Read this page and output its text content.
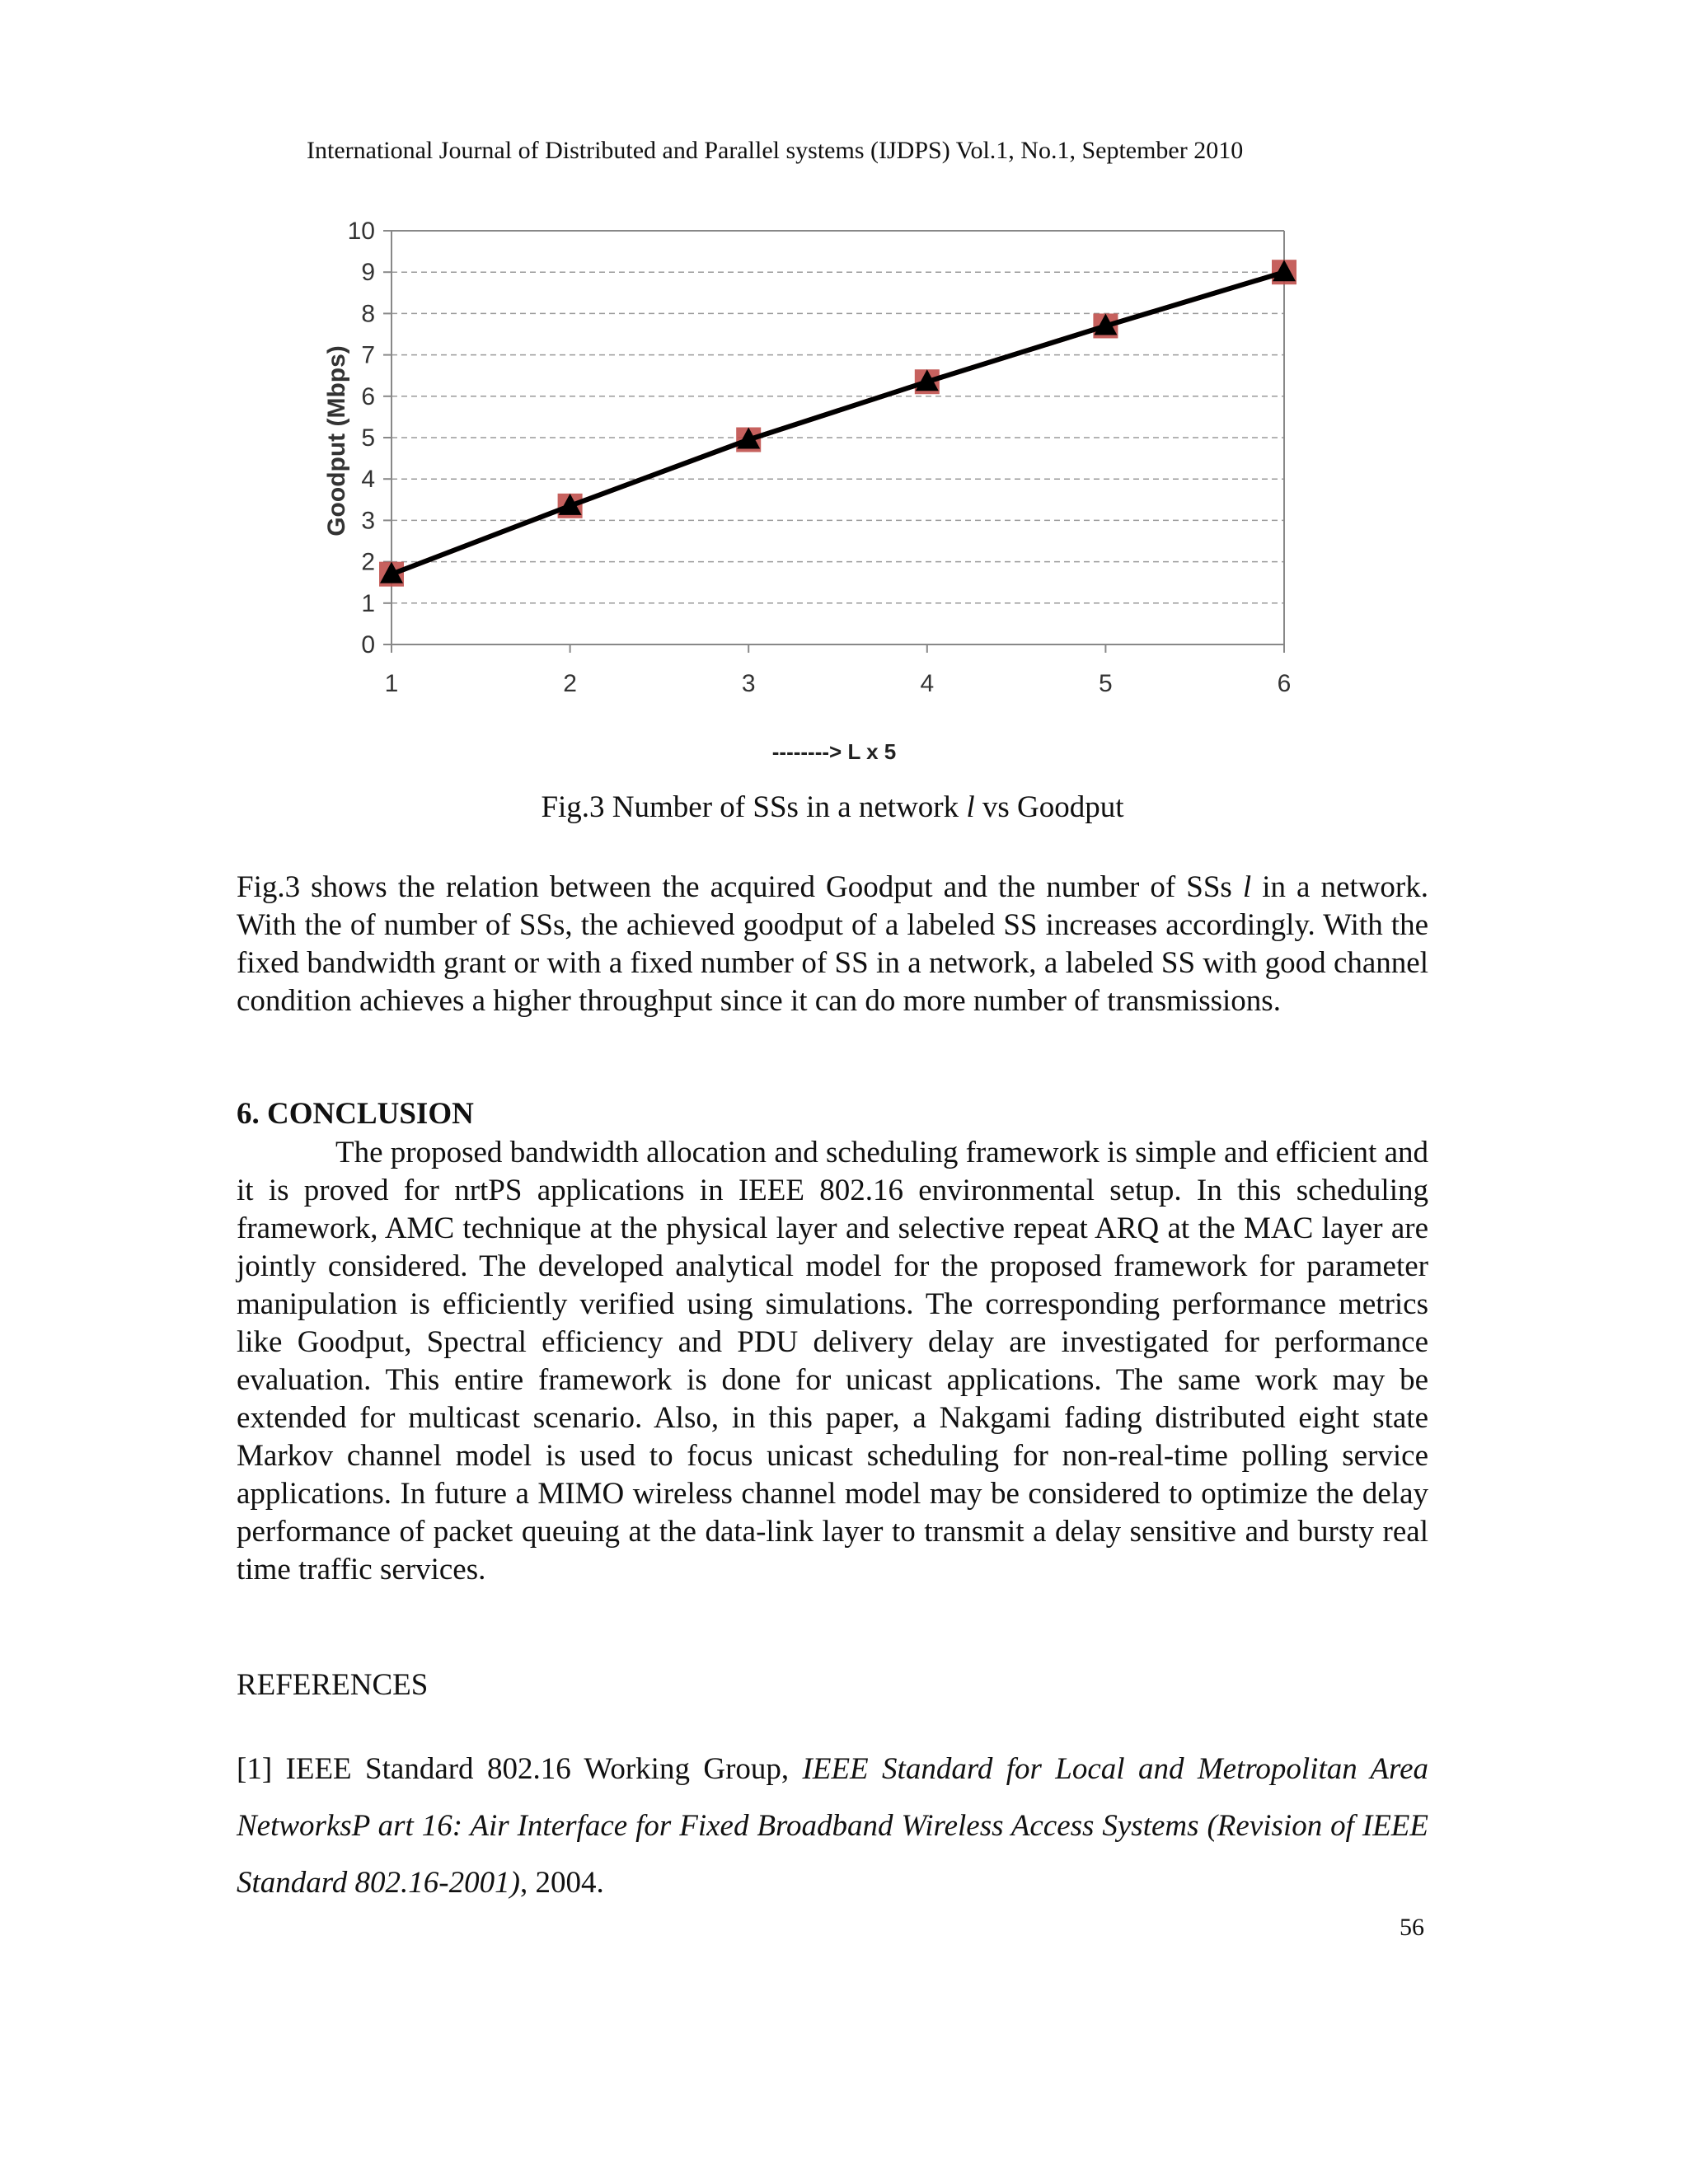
International Journal of Distributed and Parallel systems (IJDPS) Vol.1, No.1, September 2010
0
1
2
3
4
5
6
7
8
9
10
1	2	3	4	5	6
Goodput (Mbps)
--------> L x 5
Fig.3 Number of SSs in a network l vs Goodput
Fig.3 shows the relation between the acquired Goodput and the number of SSs l in a network. With the of number of SSs, the achieved goodput of a labeled SS increases accordingly. With the fixed bandwidth grant or with a fixed number of SS in a network, a labeled SS with good channel condition achieves a higher throughput since it can do more number of transmissions.
6. CONCLUSION
The proposed bandwidth allocation and scheduling framework is simple and efficient and it is proved for nrtPS applications in IEEE 802.16 environmental setup. In this scheduling framework, AMC technique at the physical layer and selective repeat ARQ at the MAC layer are jointly considered. The developed analytical model for the proposed framework for parameter manipulation is efficiently verified using simulations. The corresponding performance metrics like Goodput, Spectral efficiency and PDU delivery delay are investigated for performance evaluation. This entire framework is done for unicast applications. The same work may be extended for multicast scenario. Also, in this paper, a Nakgami fading distributed eight state Markov channel model is used to focus unicast scheduling for non-real-time polling service applications. In future a MIMO wireless channel model may be considered to optimize the delay performance of packet queuing at the data-link layer to transmit a delay sensitive and bursty real time traffic services.
REFERENCES
[1] IEEE Standard 802.16 Working Group, IEEE Standard for Local and Metropolitan Area NetworksP art 16: Air Interface for Fixed Broadband Wireless Access Systems (Revision of IEEE Standard 802.16-2001), 2004.
56
